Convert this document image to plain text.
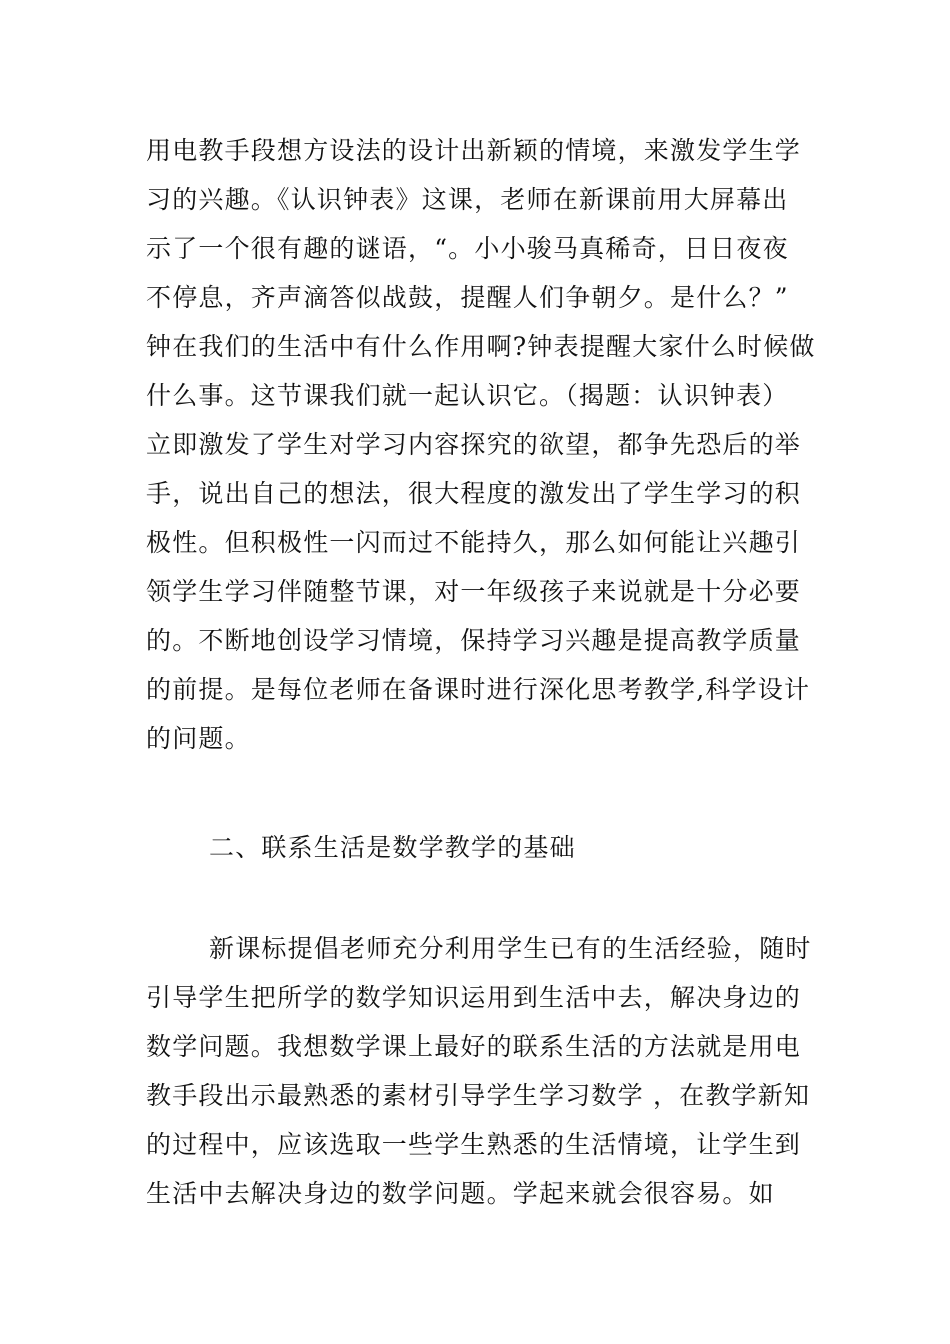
用电教手段想方设法的设计出新颖的情境，来激发学生学
习的兴趣。《认识钟表》这课，老师在新课前用大屏幕出
示了一个很有趣的谜语，“。小小骏马真稀奇，日日夜夜
不停息，齐声滴答似战鼓，提醒人们争朝夕。是什么？”
钟在我们的生活中有什么作用啊?钟表提醒大家什么时候做
什么事。这节课我们就一起认识它。（揭题：认识钟表）
立即激发了学生对学习内容探究的欲望，都争先恐后的举
手，说出自己的想法，很大程度的激发出了学生学习的积
极性。但积极性一闪而过不能持久，那么如何能让兴趣引
领学生学习伴随整节课，对一年级孩子来说就是十分必要
的。不断地创设学习情境，保持学习兴趣是提高教学质量
的前提。是每位老师在备课时进行深化思考教学,科学设计
的问题。
二、联系生活是数学教学的基础
新课标提倡老师充分利用学生已有的生活经验，随时
引导学生把所学的数学知识运用到生活中去，解决身边的
数学问题。我想数学课上最好的联系生活的方法就是用电
教手段出示最熟悉的素材引导学生学习数学 ，在教学新知
的过程中，应该选取一些学生熟悉的生活情境，让学生到
生活中去解决身边的数学问题。学起来就会很容易。如
